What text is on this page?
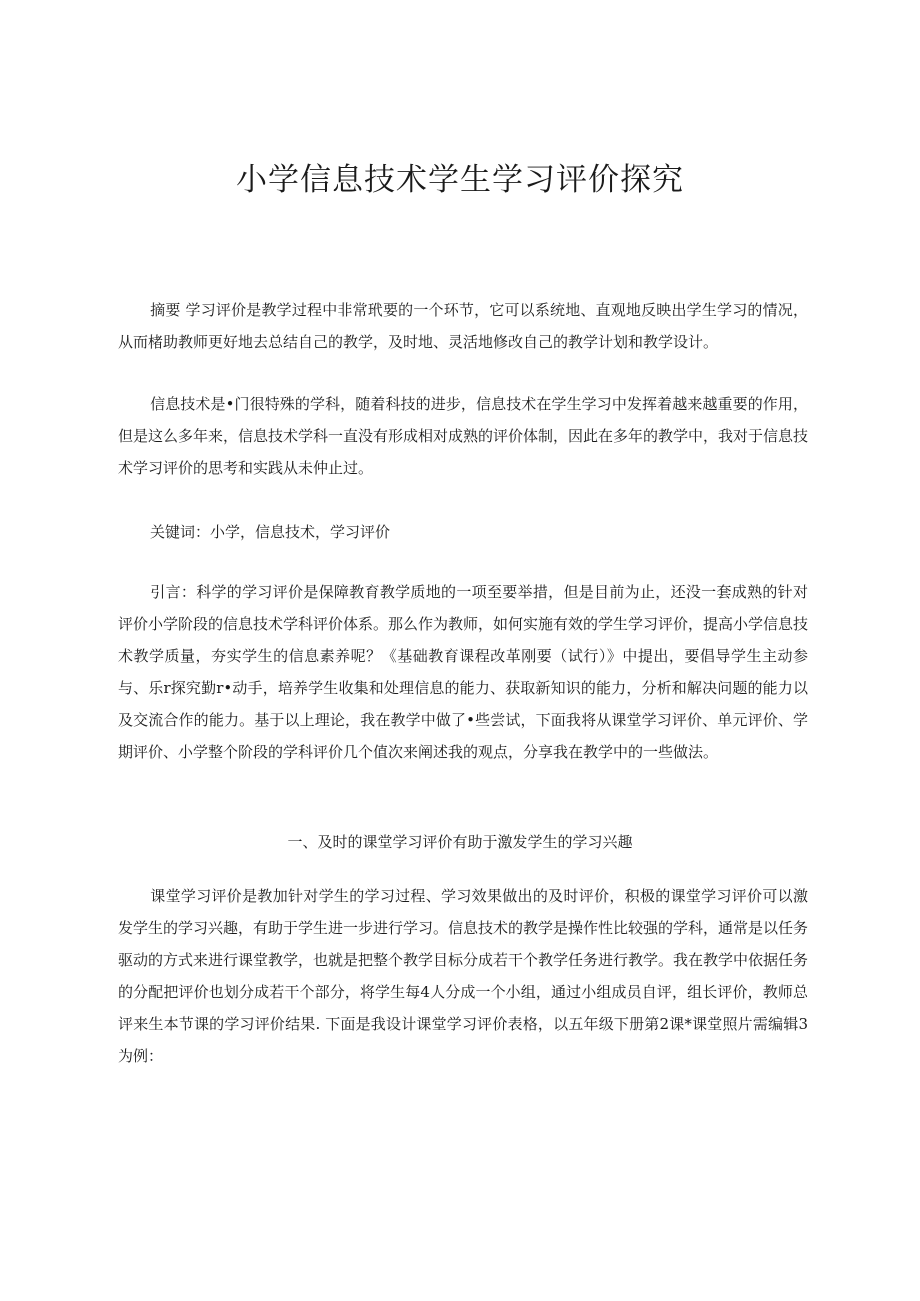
小学信息技术学生学习评价探究

摘要 学习评价是教学过程中非常玳要的一个环节，它可以系统地、直观地反映出学生学习的情况，从而楮助教师更好地去总结自己的教学，及时地、灵活地修改自己的教学计划和教学设计。

信息技术是•门很特殊的学科，随着科技的进步，信息技术在学生学习中发挥着越来越重要的作用，但是这么多年来，信息技术学科一直没有形成相对成熟的评价体制，因此在多年的教学中，我对于信息技术学习评价的思考和实践从未仲止过。

关键词：小学，信息技术，学习评价

引言：科学的学习评价是保障教育教学质地的一项至要举措，但是目前为止，还没一套成熟的针对评价小学阶段的信息技术学科评价体系。那么作为教师，如何实施有效的学生学习评价，提高小学信息技术教学质量，夯实学生的信息素养呢？《基础教育课程改革刚要（试行）》中提出，要倡导学生主动参与、乐r探究勤r•动手，培养学生收集和处理信息的能力、获取新知识的能力，分析和解决问题的能力以及交流合作的能力。基于以上理论，我在教学中做了•些尝试，下面我将从课堂学习评价、单元评价、学期评价、小学整个阶段的学科评价几个值次来阐述我的观点，分享我在教学中的一些做法。

一、及时的课堂学习评价有助于激发学生的学习兴趣

课堂学习评价是教加针对学生的学习过程、学习效果做出的及时评价，积极的课堂学习评价可以激发学生的学习兴趣，有助于学生进一步进行学习。信息技术的教学是操作性比较强的学科，通常是以任务驱动的方式来进行课堂教学，也就是把整个教学目标分成若干个教学任务进行教学。我在教学中依据任务的分配把评价也划分成若干个部分，将学生每4人分成一个小组，通过小组成员自评，组长评价，教师总评来生本节课的学习评价结果. 下面是我设计课堂学习评价表格，以五年级下册第2课*课堂照片需编辑3为例：
